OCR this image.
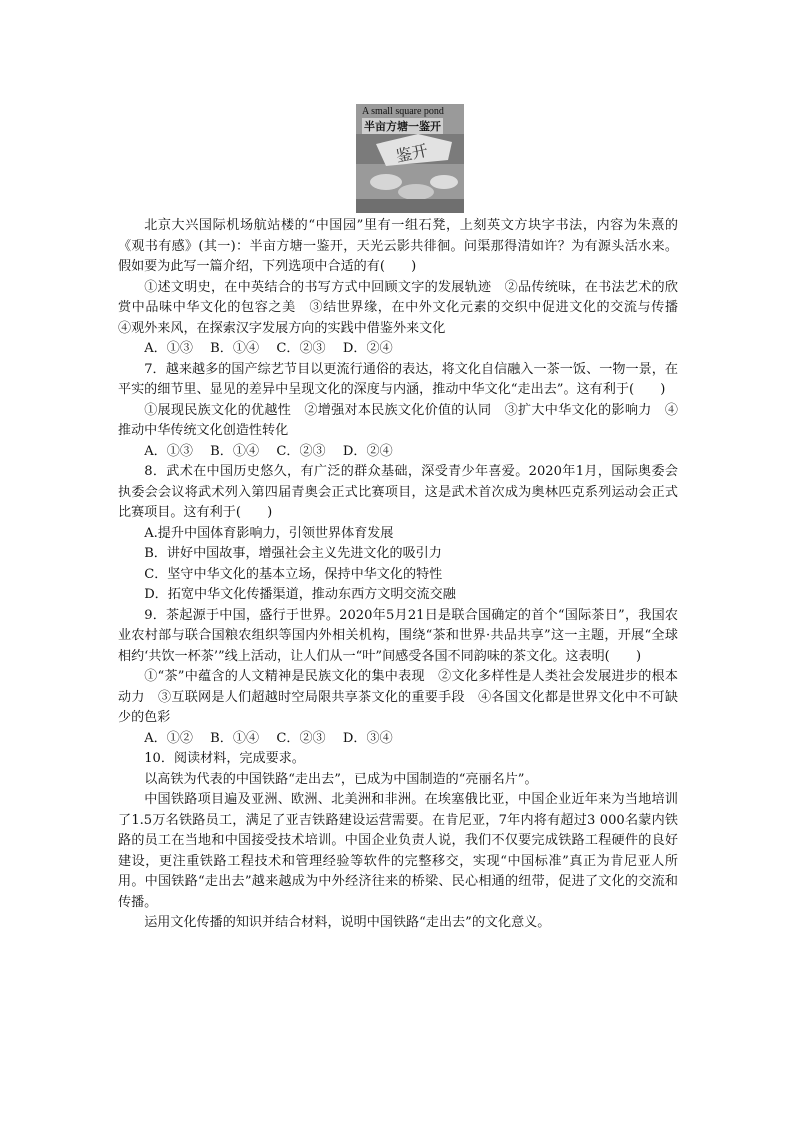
鉴开
A small square pond
半亩方塘一鉴开

北京大兴国际机场航站楼的“中国园”里有一组石凳，上刻英文方块字书法，内容为朱熹的《观书有感》(其一)：半亩方塘一鉴开，天光云影共徘徊。问渠那得清如许？为有源头活水来。假如要为此写一篇介绍，下列选项中合适的有(　　)

①述文明史，在中英结合的书写方式中回顾文字的发展轨迹　②品传统味，在书法艺术的欣赏中品味中华文化的包容之美　③结世界缘，在中外文化元素的交织中促进文化的交流与传播　④观外来风，在探索汉字发展方向的实践中借鉴外来文化

A．①③　 B．①④　 C．②③　 D．②④

7．越来越多的国产综艺节目以更流行通俗的表达，将文化自信融入一茶一饭、一物一景，在平实的细节里、显见的差异中呈现文化的深度与内涵，推动中华文化“走出去”。这有利于(　　)

①展现民族文化的优越性　②增强对本民族文化价值的认同　③扩大中华文化的影响力　④推动中华传统文化创造性转化

A．①③　 B．①④　 C．②③　 D．②④

8．武术在中国历史悠久，有广泛的群众基础，深受青少年喜爱。2020年1月，国际奥委会执委会会议将武术列入第四届青奥会正式比赛项目，这是武术首次成为奥林匹克系列运动会正式比赛项目。这有利于(　　)

A.提升中国体育影响力，引领世界体育发展

B．讲好中国故事，增强社会主义先进文化的吸引力

C．坚守中华文化的基本立场，保持中华文化的特性

D．拓宽中华文化传播渠道，推动东西方文明交流交融

9．茶起源于中国，盛行于世界。2020年5月21日是联合国确定的首个“国际茶日”，我国农业农村部与联合国粮农组织等国内外相关机构，围绕“茶和世界·共品共享”这一主题，开展“全球相约‘共饮一杯茶’”线上活动，让人们从一“叶”间感受各国不同韵味的茶文化。这表明(　　)

①“茶”中蕴含的人文精神是民族文化的集中表现　②文化多样性是人类社会发展进步的根本动力　③互联网是人们超越时空局限共享茶文化的重要手段　④各国文化都是世界文化中不可缺少的色彩

A．①②　 B．①④　 C．②③　 D．③④

10．阅读材料，完成要求。

以高铁为代表的中国铁路“走出去”，已成为中国制造的“亮丽名片”。

中国铁路项目遍及亚洲、欧洲、北美洲和非洲。在埃塞俄比亚，中国企业近年来为当地培训了1.5万名铁路员工，满足了亚吉铁路建设运营需要。在肯尼亚，7年内将有超过3 000名蒙内铁路的员工在当地和中国接受技术培训。中国企业负责人说，我们不仅要完成铁路工程硬件的良好建设，更注重铁路工程技术和管理经验等软件的完整移交，实现“中国标准”真正为肯尼亚人所用。中国铁路“走出去”越来越成为中外经济往来的桥梁、民心相通的纽带，促进了文化的交流和传播。

运用文化传播的知识并结合材料，说明中国铁路“走出去”的文化意义。
